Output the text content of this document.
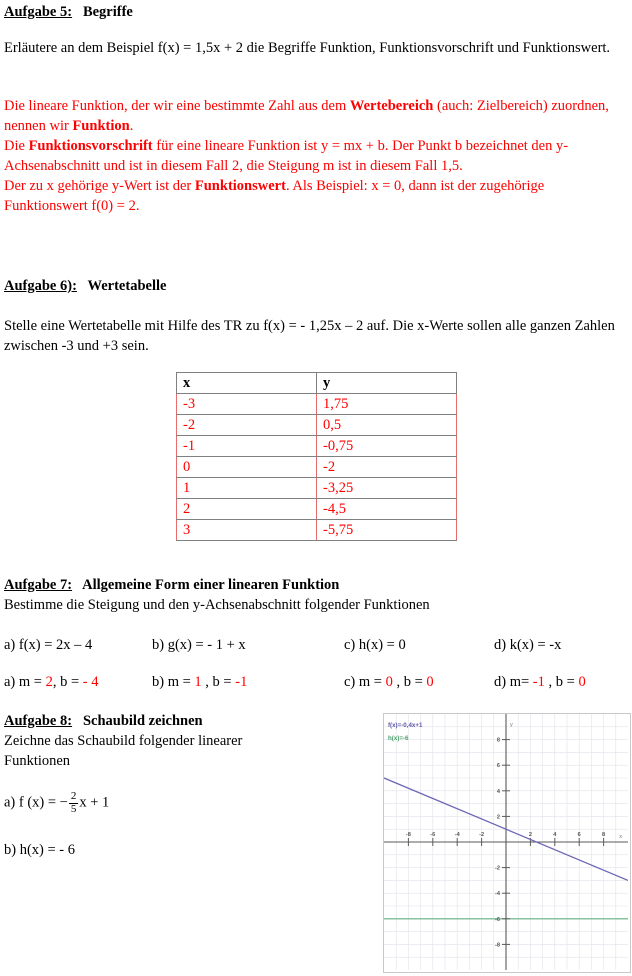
Aufgabe 5: Begriffe
Erläutere an dem Beispiel f(x) = 1,5x + 2 die Begriffe Funktion, Funktionsvorschrift und Funktionswert.
Die lineare Funktion, der wir eine bestimmte Zahl aus dem Wertebereich (auch: Zielbereich) zuordnen, nennen wir Funktion.
Die Funktionsvorschrift für eine lineare Funktion ist y = mx + b. Der Punkt b bezeichnet den y-Achsenabschnitt und ist in diesem Fall 2, die Steigung m ist in diesem Fall 1,5.
Der zu x gehörige y-Wert ist der Funktionswert. Als Beispiel: x = 0, dann ist der zugehörige Funktionswert f(0) = 2.
Aufgabe 6): Wertetabelle
Stelle eine Wertetabelle mit Hilfe des TR zu f(x) = - 1,25x – 2 auf. Die x-Werte sollen alle ganzen Zahlen zwischen -3 und +3 sein.
x	y
-3	1,75
-2	0,5
-1	-0,75
0	-2
1	-3,25
2	-4,5
3	-5,75
Aufgabe 7: Allgemeine Form einer linearen Funktion
Bestimme die Steigung und den y-Achsenabschnitt folgender Funktionen
a) f(x) = 2x – 4	b) g(x) = - 1 + x	c) h(x) = 0	d) k(x) = -x
a) m = 2, b = - 4	b) m = 1 , b = -1	c) m = 0 , b = 0	d) m= -1 , b = 0
Aufgabe 8: Schaubild zeichnen
Zeichne das Schaubild folgender linearer
Funktionen
a) f (x) = − $\frac{2}{5}$ x + 1
b) h(x) = - 6
-2
-4
-6
-8	2	4	6	8
8
6
4
2
-2
-4
-6
-8
y
x
f(x)=-0,4x+1
h(x)=-6
